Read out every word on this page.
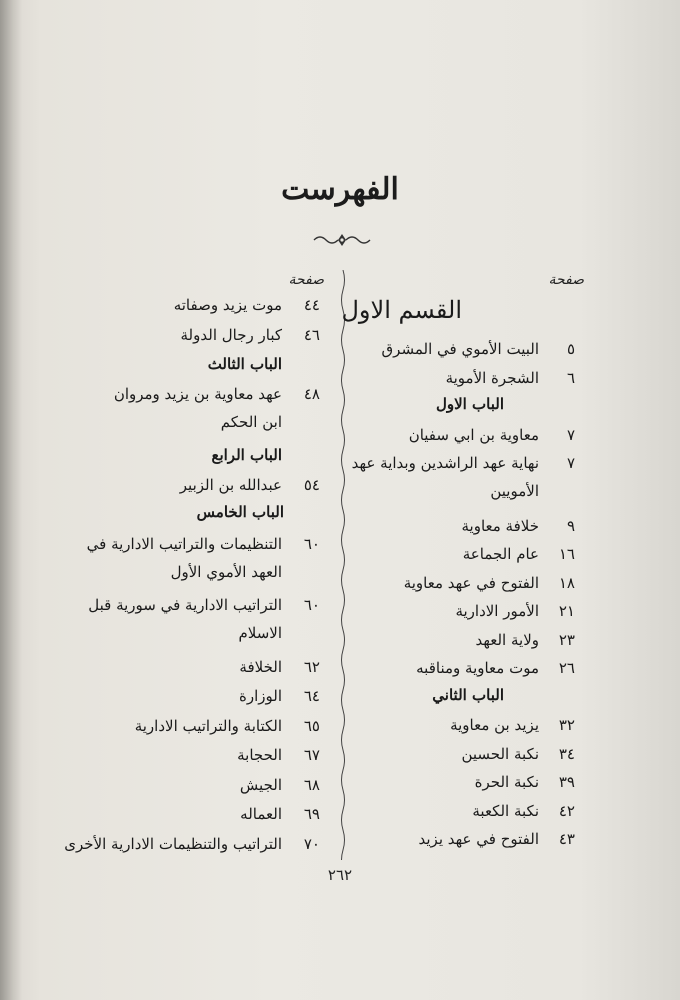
الفهرست
صفحة
القسم الاول
٥
البيت الأموي في المشرق
٦
الشجرة الأموية
الباب الاول
٧
معاوية بن ابي سفيان
٧
نهاية عهد الراشدين وبداية عهد
الأمويين
٩
خلافة معاوية
١٦
عام الجماعة
١٨
الفتوح في عهد معاوية
٢١
الأمور الادارية
٢٣
ولاية العهد
٢٦
موت معاوية ومناقبه
الباب الثاني
٣٢
يزيد بن معاوية
٣٤
نكبة الحسين
٣٩
نكبة الحرة
٤٢
نكبة الكعبة
٤٣
الفتوح في عهد يزيد
صفحة
٤٤
موت يزيد وصفاته
٤٦
كبار رجال الدولة
الباب الثالث
٤٨
عهد معاوية بن يزيد ومروان
ابن الحكم
الباب الرابع
٥٤
عبدالله بن الزبير
الباب الخامس
٦٠
التنظيمات والتراتيب الادارية في
العهد الأموي الأول
٦٠
التراتيب الادارية في سورية قبل
الاسلام
٦٢
الخلافة
٦٤
الوزارة
٦٥
الكتابة والتراتيب الادارية
٦٧
الحجابة
٦٨
الجيش
٦٩
العماله
٧٠
التراتيب والتنظيمات الادارية الأخرى
٢٦٢
